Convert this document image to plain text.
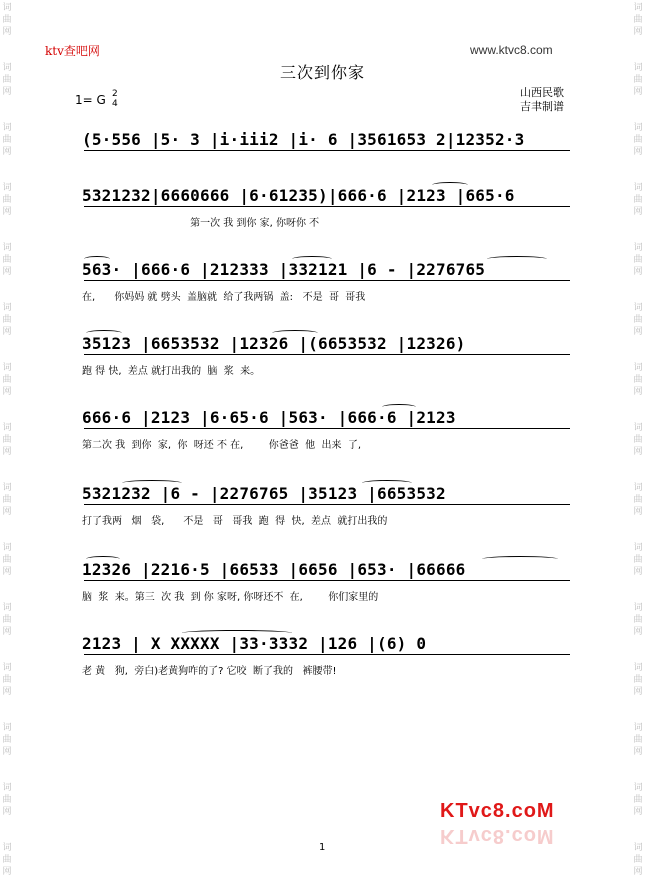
词曲网
词曲网
词曲网
词曲网
词曲网
词曲网
词曲网
词曲网
词曲网
词曲网
词曲网
词曲网
词曲网
词曲网
词曲网
词曲网
词曲网
词曲网
词曲网
词曲网
词曲网
词曲网
词曲网
词曲网
词曲网
词曲网
词曲网
词曲网
词曲网
词曲网
ktv查吧网	www.ktvc8.com
三次到你家
1= G 2
4
山西民歌
吉聿制谱
(5·556 |5· 3 |i·iii2 |i· 6 |3561653 2|12352·3
5321232|6660666 |6·61235)|666·6 |2123 |665·6
第一次 我 到你 家, 你呀你 不
563· |666·6 |212333 |332121 |6 - |2276765
在,      你妈妈 就 劈头  盖脑就  给了我两锅  盖:   不是  哥  哥我
35123 |6653532 |12326 |(6653532 |12326)
跑 得 快,  差点 就打出我的  脑  浆  来。
666·6 |2123 |6·65·6 |563· |666·6 |2123
第二次 我  到你  家,  你  呀还 不 在,        你爸爸  他  出来  了,
5321232 |6 - |2276765 |35123 |6653532
打了我两   烟   袋,      不是   哥   哥我  跑  得  快,  差点  就打出我的
12326 |2216·5 |66533 |6656 |653· |66666
脑  浆  来。第三  次 我  到 你 家呀, 你呀还不  在,        你们家里的
2123 | X XXXXX |33·3332 |126 |(6) 0
老 黄   狗,  旁白)老黄狗咋的了? 它咬  断了我的   裤腰带!
KTvc8.coM
KTvc8.coM
1
